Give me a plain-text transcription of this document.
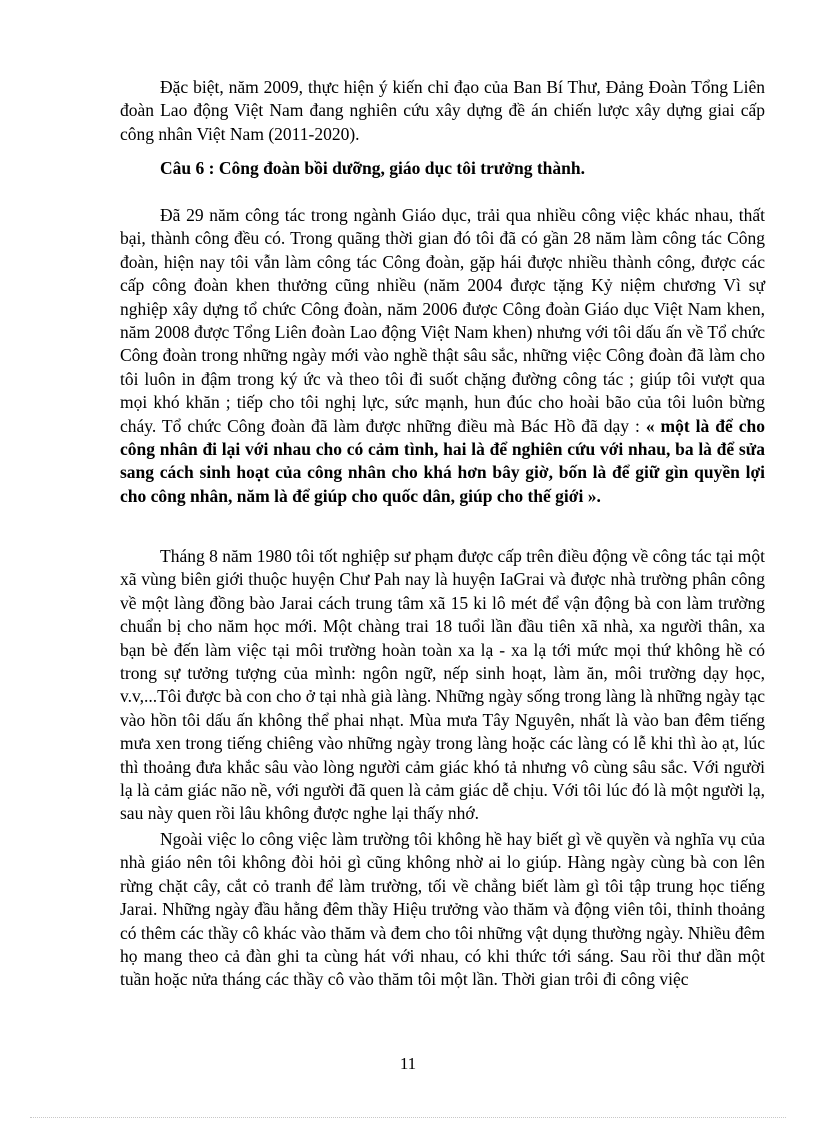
Đặc biệt, năm 2009, thực hiện ý kiến chỉ đạo của Ban Bí Thư, Đảng Đoàn Tổng Liên đoàn Lao động Việt Nam đang nghiên cứu xây dựng đề án chiến lược xây dựng giai cấp công nhân Việt Nam (2011-2020).

Câu 6 : Công đoàn bồi dưỡng, giáo dục tôi trưởng thành.

Đã 29 năm công tác trong ngành Giáo dục, trải qua nhiều công việc khác nhau, thất bại, thành công đều có. Trong quãng thời gian đó tôi đã có gần 28 năm làm công tác Công đoàn, hiện nay tôi vẫn làm công tác Công đoàn, gặp hái được nhiều thành công, được các cấp công đoàn khen thưởng cũng nhiều (năm 2004 được tặng Kỷ niệm chương Vì sự nghiệp xây dựng tổ chức Công đoàn, năm 2006 được Công đoàn Giáo dục Việt Nam khen, năm 2008 được Tổng Liên đoàn Lao động Việt Nam khen) nhưng với tôi dấu ấn về Tổ chức Công đoàn trong những ngày mới vào nghề thật sâu sắc, những việc Công đoàn đã làm cho tôi luôn in đậm trong ký ức và theo tôi đi suốt chặng đường công tác ; giúp tôi vượt qua mọi khó khăn ; tiếp cho tôi nghị lực, sức mạnh, hun đúc cho hoài bão của tôi luôn bừng cháy. Tổ chức Công đoàn đã làm được những điều mà Bác Hồ đã dạy : « một là để cho công nhân đi lại với nhau cho có cảm tình, hai là để nghiên cứu với nhau, ba là để sửa sang cách sinh hoạt của công nhân cho khá hơn bây giờ, bốn là để giữ gìn quyền lợi cho công nhân, năm là để giúp cho quốc dân, giúp cho thế giới ».

Tháng 8 năm 1980 tôi tốt nghiệp sư phạm được cấp trên điều động về công tác tại một xã vùng biên giới thuộc huyện Chư Pah nay là huyện IaGrai và được nhà trường phân công về một làng đồng bào Jarai cách trung tâm xã 15 ki lô mét để vận động bà con làm trường chuẩn bị cho năm học mới. Một chàng trai 18 tuổi lần đầu tiên xã nhà, xa người thân, xa bạn bè đến làm việc tại môi trường hoàn toàn xa lạ - xa lạ tới mức mọi thứ không hề có trong sự tưởng tượng của mình: ngôn ngữ, nếp sinh hoạt, làm ăn, môi trường dạy học, v.v,...Tôi được bà con cho ở tại nhà già làng. Những ngày sống trong làng là những ngày tạc vào hồn tôi dấu ấn không thể phai nhạt. Mùa mưa Tây Nguyên, nhất là vào ban đêm tiếng mưa xen trong tiếng chiêng vào những ngày trong làng hoặc các làng có lễ khi thì ào ạt, lúc thì thoảng đưa khắc sâu vào lòng người cảm giác khó tả nhưng vô cùng sâu sắc. Với người lạ là cảm giác não nề, với người đã quen là cảm giác dễ chịu. Với tôi lúc đó là một người lạ, sau này quen rồi lâu không được nghe lại thấy nhớ.

Ngoài việc lo công việc làm trường tôi không hề hay biết gì về quyền và nghĩa vụ của nhà giáo nên tôi không đòi hỏi gì cũng không nhờ ai lo giúp. Hàng ngày cùng bà con lên rừng chặt cây, cắt cỏ tranh để làm trường, tối về chẳng biết làm gì tôi tập trung học tiếng Jarai. Những ngày đầu hằng đêm thầy Hiệu trưởng vào thăm và động viên tôi, thỉnh thoảng có thêm các thầy cô khác vào thăm và đem cho tôi những vật dụng thường ngày. Nhiều đêm họ mang theo cả đàn ghi ta cùng hát với nhau, có khi thức tới sáng. Sau rồi thư dần một tuần hoặc nửa tháng các thầy cô vào thăm tôi một lần. Thời gian trôi đi công việc

11
